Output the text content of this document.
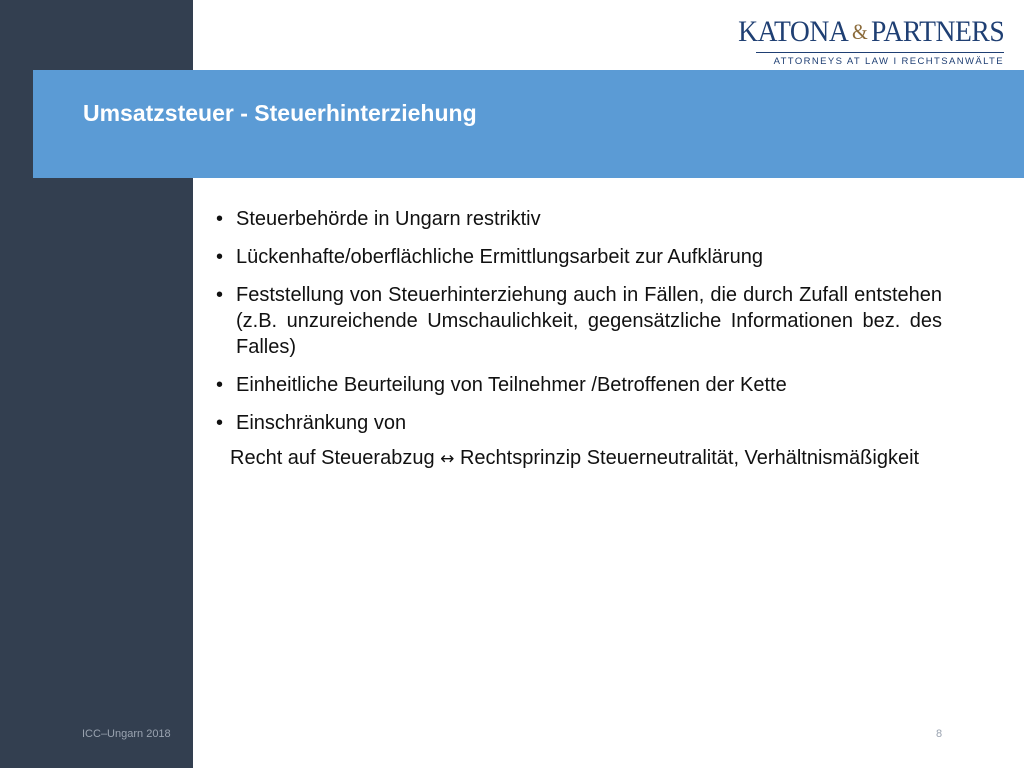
KATONA & PARTNERS
ATTORNEYS AT LAW I RECHTSANWÄLTE
Umsatzsteuer - Steuerhinterziehung
• Steuerbehörde in Ungarn restriktiv
• Lückenhafte/oberflächliche Ermittlungsarbeit zur Aufklärung
• Feststellung von Steuerhinterziehung auch in Fällen, die durch Zufall entstehen (z.B. unzureichende Umschaulichkeit, gegensätzliche Informationen bez. des Falles)
• Einheitliche Beurteilung von Teilnehmer /Betroffenen der Kette
• Einschränkung von
Recht auf Steuerabzug ↔ Rechtsprinzip Steuerneutralität, Verhältnismäßigkeit
ICC–Ungarn 2018	8
